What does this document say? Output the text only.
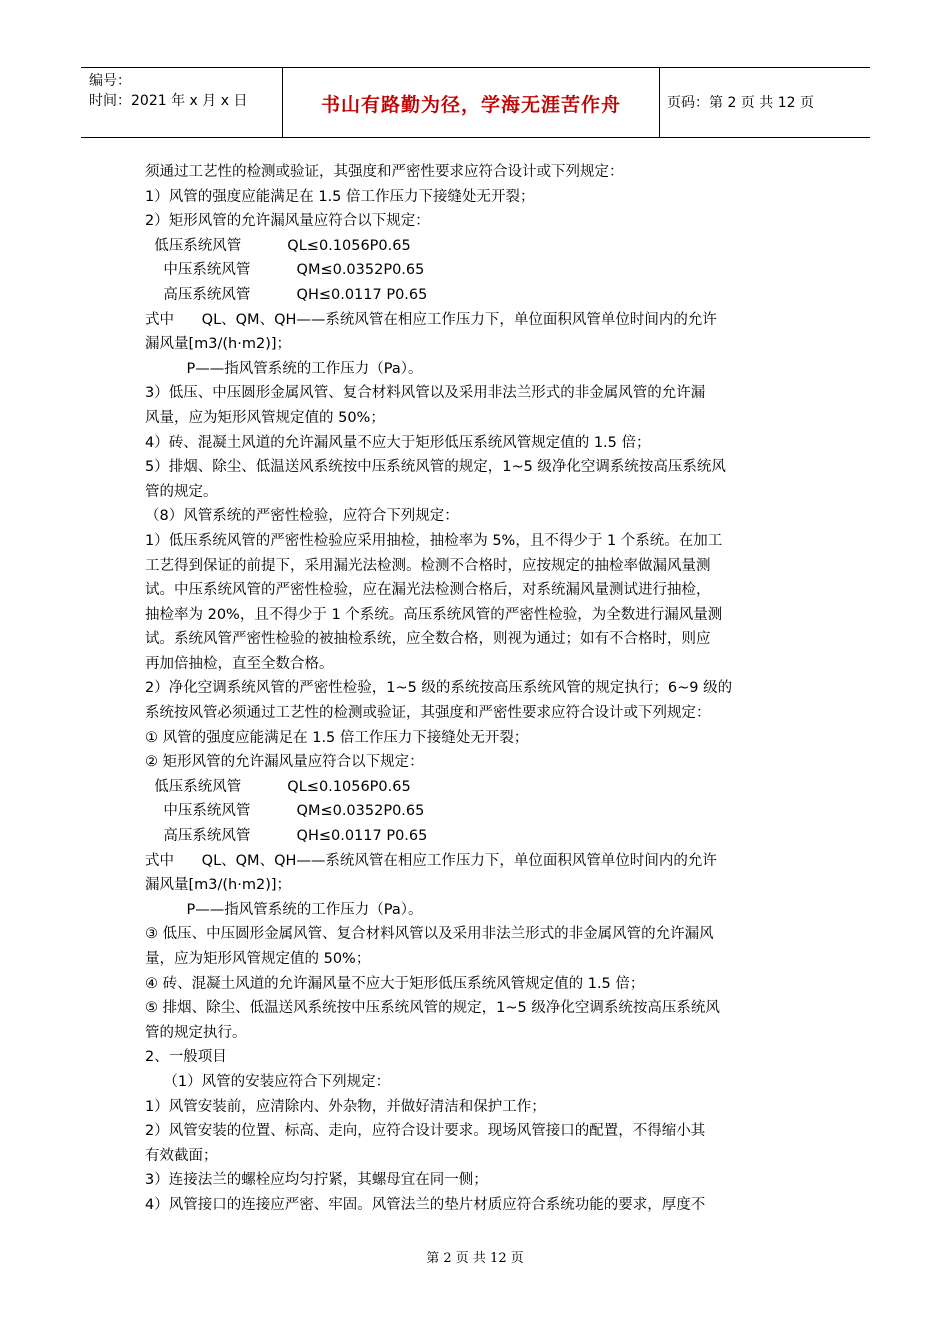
编号：
时间：2021 年 x 月 x 日	书山有路勤为径，学海无涯苦作舟	页码：第 2 页 共 12 页
须通过工艺性的检测或验证，其强度和严密性要求应符合设计或下列规定：
1）风管的强度应能满足在 1.5 倍工作压力下接缝处无开裂；
2）矩形风管的允许漏风量应符合以下规定：
低压系统风管          QL≤0.1056P0.65
中压系统风管          QM≤0.0352P0.65
高压系统风管          QH≤0.0117 P0.65
式中      QL、QM、QH——系统风管在相应工作压力下，单位面积风管单位时间内的允许
漏风量[m3/(h·m2)]；
P——指风管系统的工作压力（Pa）。
3）低压、中压圆形金属风管、复合材料风管以及采用非法兰形式的非金属风管的允许漏
风量，应为矩形风管规定值的 50%；
4）砖、混凝土风道的允许漏风量不应大于矩形低压系统风管规定值的 1.5 倍；
5）排烟、除尘、低温送风系统按中压系统风管的规定，1~5 级净化空调系统按高压系统风
管的规定。
（8）风管系统的严密性检验，应符合下列规定：
1）低压系统风管的严密性检验应采用抽检，抽检率为 5%，且不得少于 1 个系统。在加工
工艺得到保证的前提下，采用漏光法检测。检测不合格时，应按规定的抽检率做漏风量测
试。中压系统风管的严密性检验，应在漏光法检测合格后，对系统漏风量测试进行抽检，
抽检率为 20%，且不得少于 1 个系统。高压系统风管的严密性检验，为全数进行漏风量测
试。系统风管严密性检验的被抽检系统，应全数合格，则视为通过；如有不合格时，则应
再加倍抽检，直至全数合格。
2）净化空调系统风管的严密性检验，1~5 级的系统按高压系统风管的规定执行；6~9 级的
系统按风管必须通过工艺性的检测或验证，其强度和严密性要求应符合设计或下列规定：
① 风管的强度应能满足在 1.5 倍工作压力下接缝处无开裂；
② 矩形风管的允许漏风量应符合以下规定：
低压系统风管          QL≤0.1056P0.65
中压系统风管          QM≤0.0352P0.65
高压系统风管          QH≤0.0117 P0.65
式中      QL、QM、QH——系统风管在相应工作压力下，单位面积风管单位时间内的允许
漏风量[m3/(h·m2)]；
P——指风管系统的工作压力（Pa）。
③ 低压、中压圆形金属风管、复合材料风管以及采用非法兰形式的非金属风管的允许漏风
量，应为矩形风管规定值的 50%；
④ 砖、混凝土风道的允许漏风量不应大于矩形低压系统风管规定值的 1.5 倍；
⑤ 排烟、除尘、低温送风系统按中压系统风管的规定，1~5 级净化空调系统按高压系统风
管的规定执行。
2、一般项目
（1）风管的安装应符合下列规定：
1）风管安装前，应清除内、外杂物，并做好清洁和保护工作；
2）风管安装的位置、标高、走向，应符合设计要求。现场风管接口的配置，不得缩小其
有效截面；
3）连接法兰的螺栓应均匀拧紧，其螺母宜在同一侧；
4）风管接口的连接应严密、牢固。风管法兰的垫片材质应符合系统功能的要求，厚度不
第 2 页 共 12 页
